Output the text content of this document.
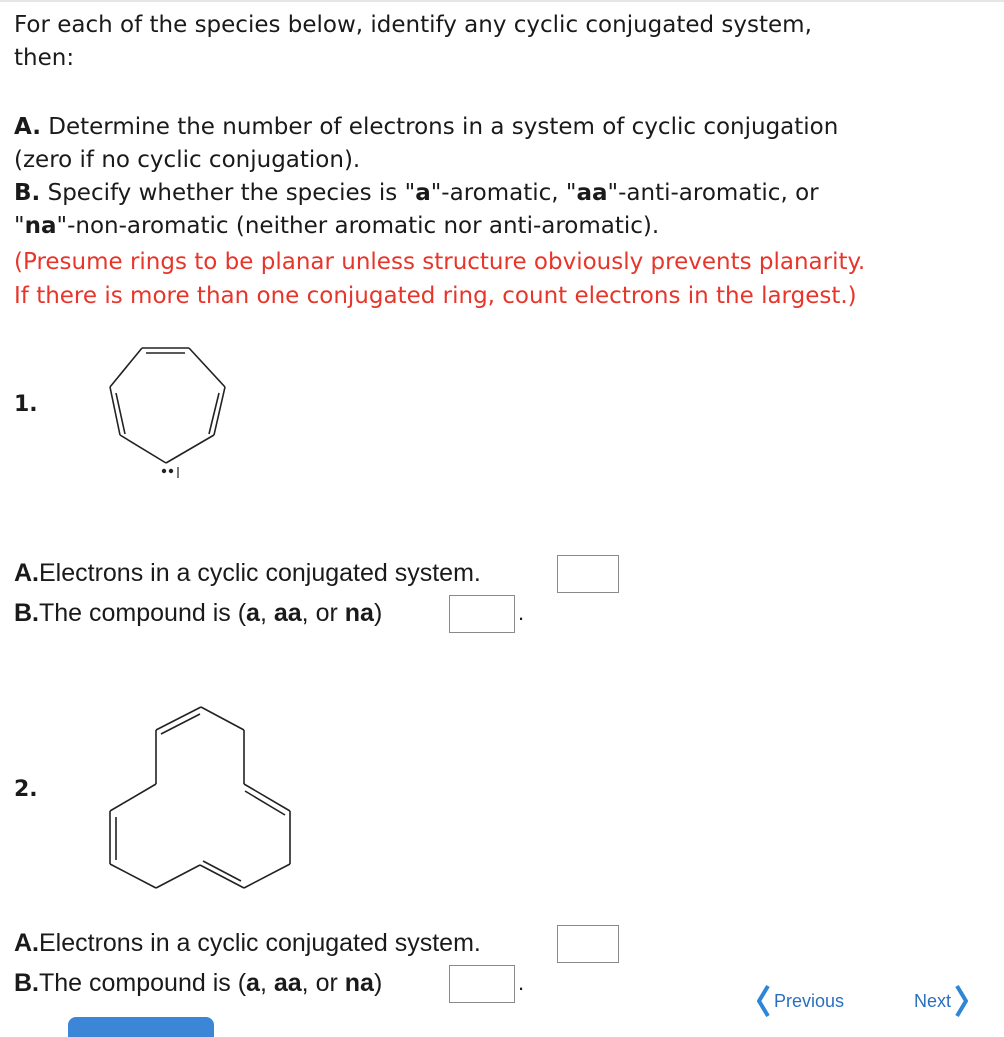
For each of the species below, identify any cyclic conjugated system,
then:
A. Determine the number of electrons in a system of cyclic conjugation
(zero if no cyclic conjugation).
B. Specify whether the species is "a"-aromatic, "aa"-anti-aromatic, or
"na"-non-aromatic (neither aromatic nor anti-aromatic).
(Presume rings to be planar unless structure obviously prevents planarity.
If there is more than one conjugated ring, count electrons in the largest.)
1.
A.Electrons in a cyclic conjugated system.
B.The compound is (a, aa, or na)	.
2.
A.Electrons in a cyclic conjugated system.
B.The compound is (a, aa, or na)	.
Previous	Next
